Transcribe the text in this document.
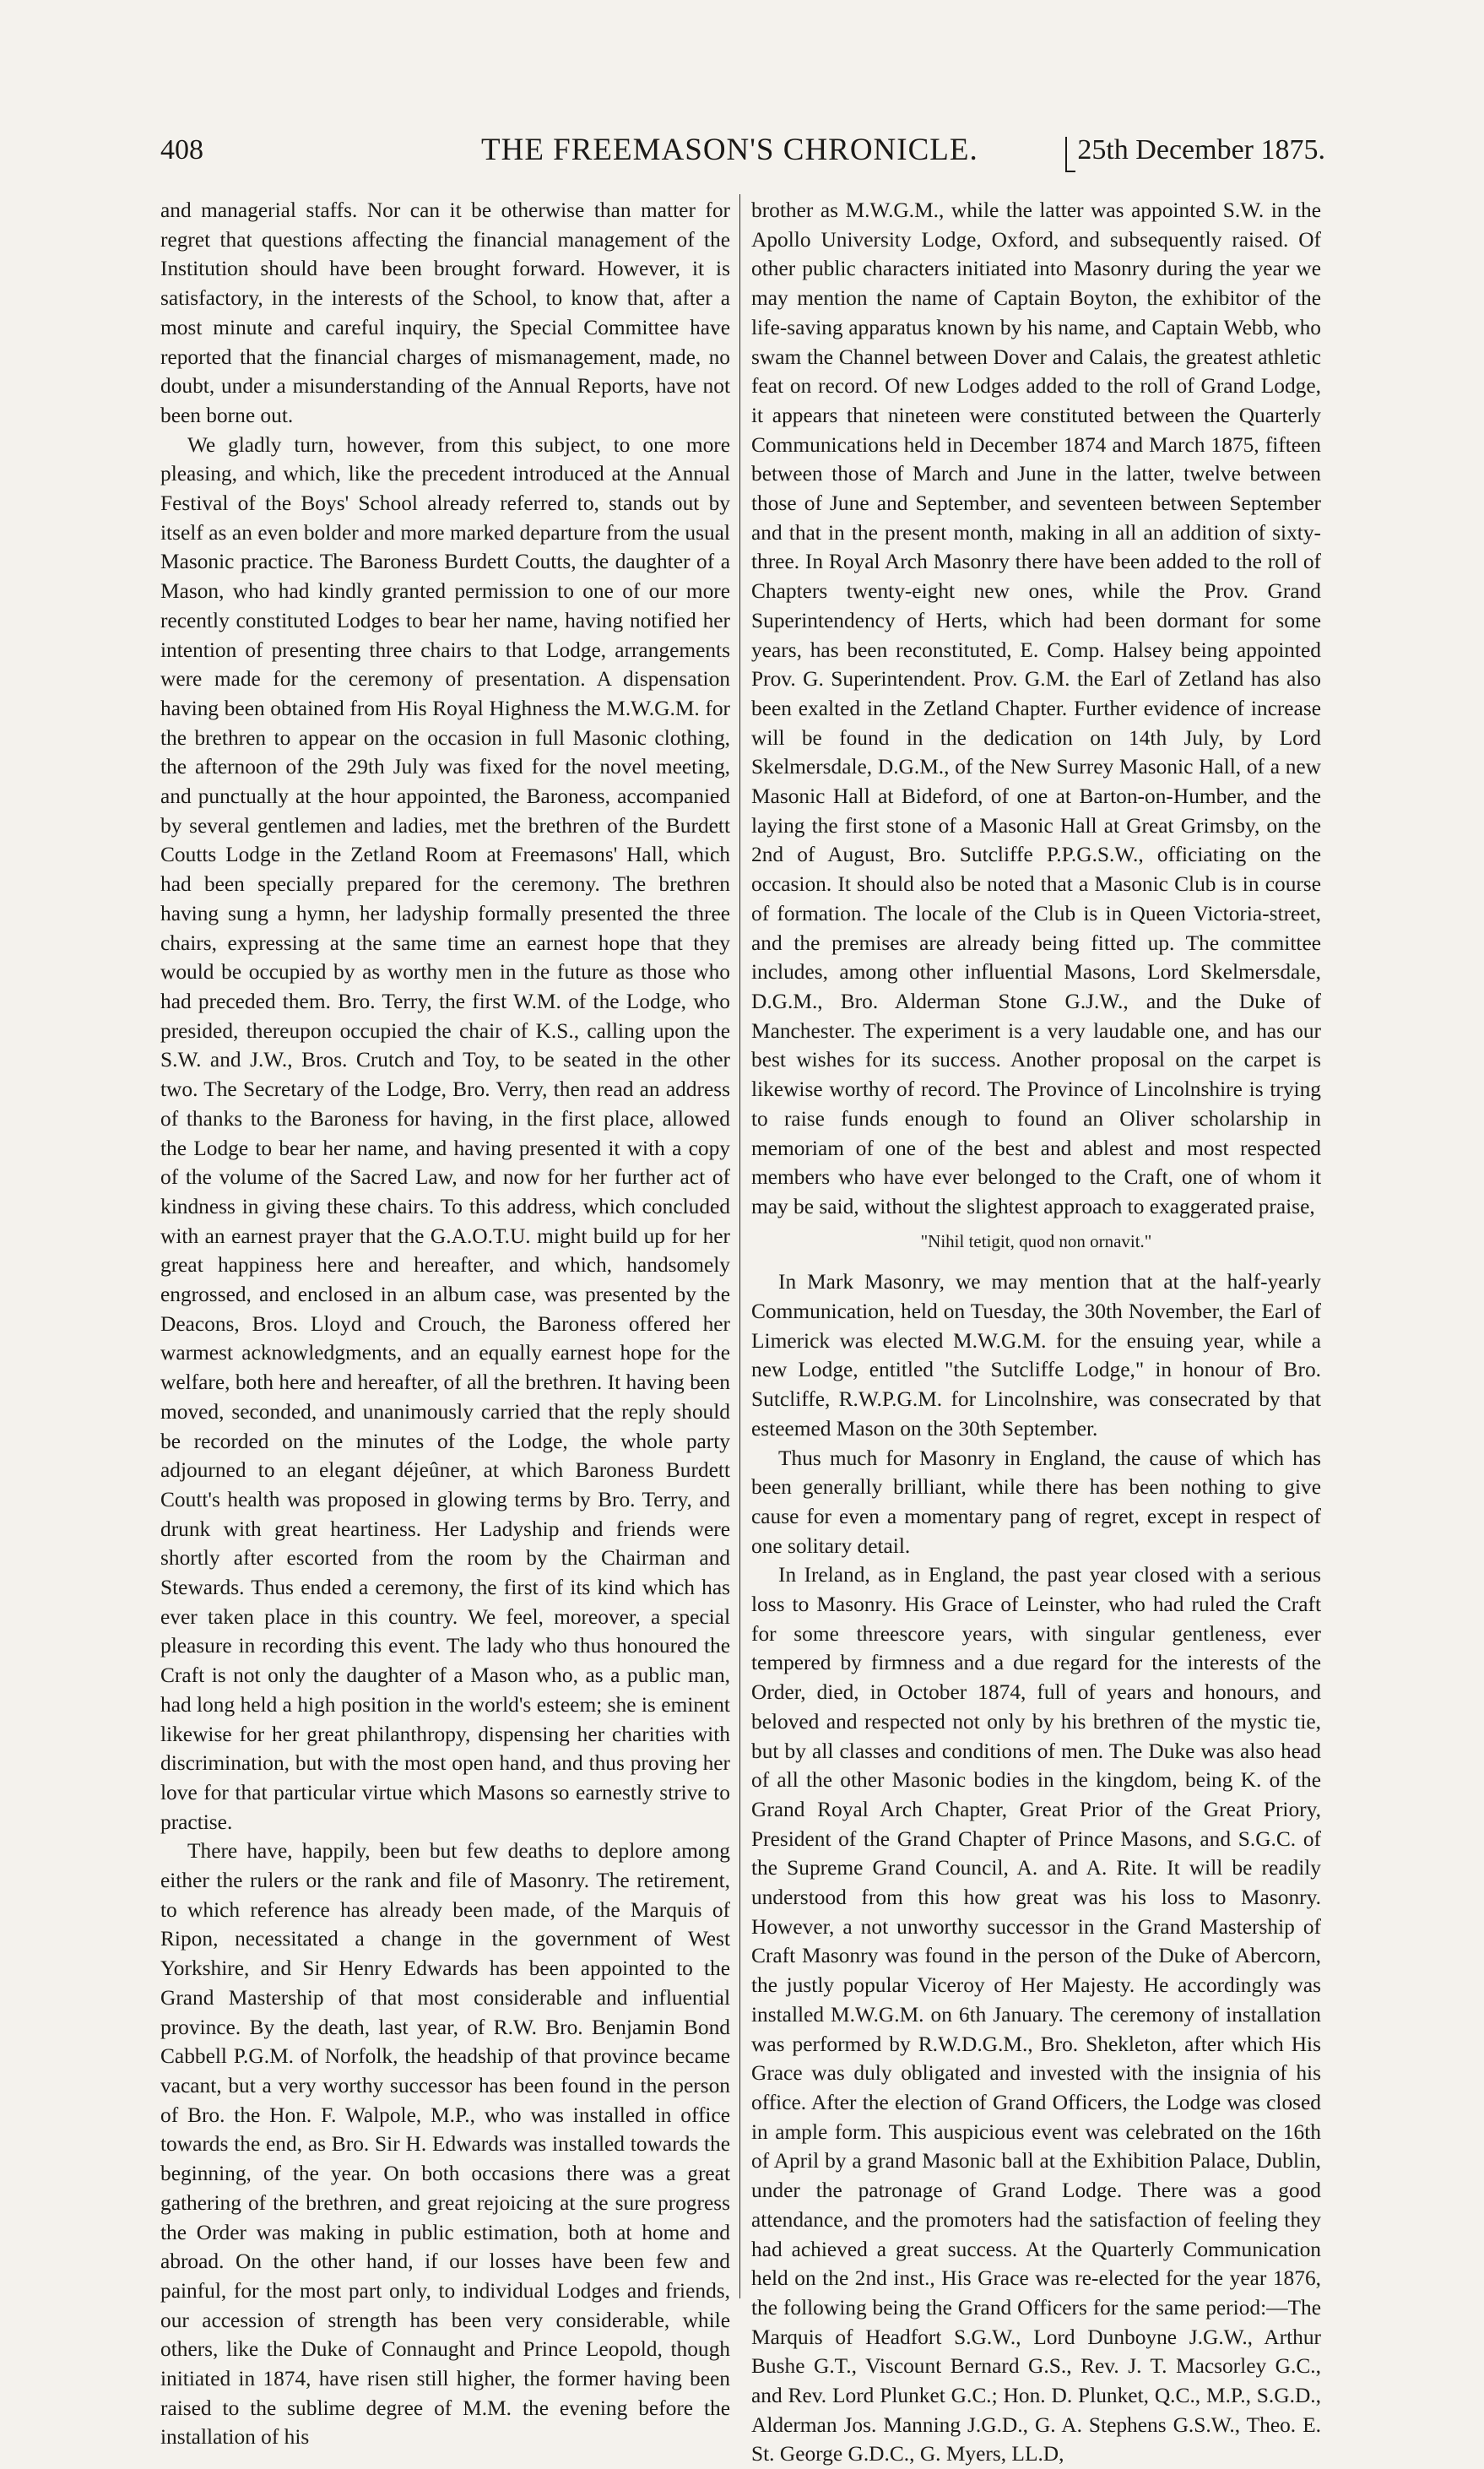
408	THE FREEMASON'S CHRONICLE.	25th December 1875.

and managerial staffs. Nor can it be otherwise than matter for regret that questions affecting the financial management of the Institution should have been brought forward. However, it is satisfactory, in the interests of the School, to know that, after a most minute and careful inquiry, the Special Committee have reported that the financial charges of mismanagement, made, no doubt, under a misunderstanding of the Annual Reports, have not been borne out.

We gladly turn, however, from this subject, to one more pleasing, and which, like the precedent introduced at the Annual Festival of the Boys' School already referred to, stands out by itself as an even bolder and more marked departure from the usual Masonic practice. The Baroness Burdett Coutts, the daughter of a Mason, who had kindly granted permission to one of our more recently constituted Lodges to bear her name, having notified her intention of presenting three chairs to that Lodge, arrangements were made for the ceremony of presentation. A dispensation having been obtained from His Royal Highness the M.W.G.M. for the brethren to appear on the occasion in full Masonic clothing, the afternoon of the 29th July was fixed for the novel meeting, and punctually at the hour appointed, the Baroness, accompanied by several gentlemen and ladies, met the brethren of the Burdett Coutts Lodge in the Zetland Room at Freemasons' Hall, which had been specially prepared for the ceremony. The brethren having sung a hymn, her ladyship formally presented the three chairs, expressing at the same time an earnest hope that they would be occupied by as worthy men in the future as those who had preceded them. Bro. Terry, the first W.M. of the Lodge, who presided, thereupon occupied the chair of K.S., calling upon the S.W. and J.W., Bros. Crutch and Toy, to be seated in the other two. The Secretary of the Lodge, Bro. Verry, then read an address of thanks to the Baroness for having, in the first place, allowed the Lodge to bear her name, and having presented it with a copy of the volume of the Sacred Law, and now for her further act of kindness in giving these chairs. To this address, which concluded with an earnest prayer that the G.A.O.T.U. might build up for her great happiness here and hereafter, and which, handsomely engrossed, and enclosed in an album case, was presented by the Deacons, Bros. Lloyd and Crouch, the Baroness offered her warmest acknowledgments, and an equally earnest hope for the welfare, both here and hereafter, of all the brethren. It having been moved, seconded, and unanimously carried that the reply should be recorded on the minutes of the Lodge, the whole party adjourned to an elegant déjeûner, at which Baroness Burdett Coutt's health was proposed in glowing terms by Bro. Terry, and drunk with great heartiness. Her Ladyship and friends were shortly after escorted from the room by the Chairman and Stewards. Thus ended a ceremony, the first of its kind which has ever taken place in this country. We feel, moreover, a special pleasure in recording this event. The lady who thus honoured the Craft is not only the daughter of a Mason who, as a public man, had long held a high position in the world's esteem; she is eminent likewise for her great philanthropy, dispensing her charities with discrimination, but with the most open hand, and thus proving her love for that particular virtue which Masons so earnestly strive to practise.

There have, happily, been but few deaths to deplore among either the rulers or the rank and file of Masonry. The retirement, to which reference has already been made, of the Marquis of Ripon, necessitated a change in the government of West Yorkshire, and Sir Henry Edwards has been appointed to the Grand Mastership of that most considerable and influential province. By the death, last year, of R.W. Bro. Benjamin Bond Cabbell P.G.M. of Norfolk, the headship of that province became vacant, but a very worthy successor has been found in the person of Bro. the Hon. F. Walpole, M.P., who was installed in office towards the end, as Bro. Sir H. Edwards was installed towards the beginning, of the year. On both occasions there was a great gathering of the brethren, and great rejoicing at the sure progress the Order was making in public estimation, both at home and abroad. On the other hand, if our losses have been few and painful, for the most part only, to individual Lodges and friends, our accession of strength has been very considerable, while others, like the Duke of Connaught and Prince Leopold, though initiated in 1874, have risen still higher, the former having been raised to the sublime degree of M.M. the evening before the installation of his

brother as M.W.G.M., while the latter was appointed S.W. in the Apollo University Lodge, Oxford, and subsequently raised. Of other public characters initiated into Masonry during the year we may mention the name of Captain Boyton, the exhibitor of the life-saving apparatus known by his name, and Captain Webb, who swam the Channel between Dover and Calais, the greatest athletic feat on record. Of new Lodges added to the roll of Grand Lodge, it appears that nineteen were constituted between the Quarterly Communications held in December 1874 and March 1875, fifteen between those of March and June in the latter, twelve between those of June and September, and seventeen between September and that in the present month, making in all an addition of sixty-three. In Royal Arch Masonry there have been added to the roll of Chapters twenty-eight new ones, while the Prov. Grand Superintendency of Herts, which had been dormant for some years, has been reconstituted, E. Comp. Halsey being appointed Prov. G. Superintendent. Prov. G.M. the Earl of Zetland has also been exalted in the Zetland Chapter. Further evidence of increase will be found in the dedication on 14th July, by Lord Skelmersdale, D.G.M., of the New Surrey Masonic Hall, of a new Masonic Hall at Bideford, of one at Barton-on-Humber, and the laying the first stone of a Masonic Hall at Great Grimsby, on the 2nd of August, Bro. Sutcliffe P.P.G.S.W., officiating on the occasion. It should also be noted that a Masonic Club is in course of formation. The locale of the Club is in Queen Victoria-street, and the premises are already being fitted up. The committee includes, among other influential Masons, Lord Skelmersdale, D.G.M., Bro. Alderman Stone G.J.W., and the Duke of Manchester. The experiment is a very laudable one, and has our best wishes for its success. Another proposal on the carpet is likewise worthy of record. The Province of Lincolnshire is trying to raise funds enough to found an Oliver scholarship in memoriam of one of the best and ablest and most respected members who have ever belonged to the Craft, one of whom it may be said, without the slightest approach to exaggerated praise,

"Nihil tetigit, quod non ornavit."

In Mark Masonry, we may mention that at the half-yearly Communication, held on Tuesday, the 30th November, the Earl of Limerick was elected M.W.G.M. for the ensuing year, while a new Lodge, entitled "the Sutcliffe Lodge," in honour of Bro. Sutcliffe, R.W.P.G.M. for Lincolnshire, was consecrated by that esteemed Mason on the 30th September.

Thus much for Masonry in England, the cause of which has been generally brilliant, while there has been nothing to give cause for even a momentary pang of regret, except in respect of one solitary detail.

In Ireland, as in England, the past year closed with a serious loss to Masonry. His Grace of Leinster, who had ruled the Craft for some threescore years, with singular gentleness, ever tempered by firmness and a due regard for the interests of the Order, died, in October 1874, full of years and honours, and beloved and respected not only by his brethren of the mystic tie, but by all classes and conditions of men. The Duke was also head of all the other Masonic bodies in the kingdom, being K. of the Grand Royal Arch Chapter, Great Prior of the Great Priory, President of the Grand Chapter of Prince Masons, and S.G.C. of the Supreme Grand Council, A. and A. Rite. It will be readily understood from this how great was his loss to Masonry. However, a not unworthy successor in the Grand Mastership of Craft Masonry was found in the person of the Duke of Abercorn, the justly popular Viceroy of Her Majesty. He accordingly was installed M.W.G.M. on 6th January. The ceremony of installation was performed by R.W.D.G.M., Bro. Shekleton, after which His Grace was duly obligated and invested with the insignia of his office. After the election of Grand Officers, the Lodge was closed in ample form. This auspicious event was celebrated on the 16th of April by a grand Masonic ball at the Exhibition Palace, Dublin, under the patronage of Grand Lodge. There was a good attendance, and the promoters had the satisfaction of feeling they had achieved a great success. At the Quarterly Communication held on the 2nd inst., His Grace was re-elected for the year 1876, the following being the Grand Officers for the same period:—The Marquis of Headfort S.G.W., Lord Dunboyne J.G.W., Arthur Bushe G.T., Viscount Bernard G.S., Rev. J. T. Macsorley G.C., and Rev. Lord Plunket G.C.; Hon. D. Plunket, Q.C., M.P., S.G.D., Alderman Jos. Manning J.G.D., G. A. Stephens G.S.W., Theo. E. St. George G.D.C., G. Myers, LL.D,
